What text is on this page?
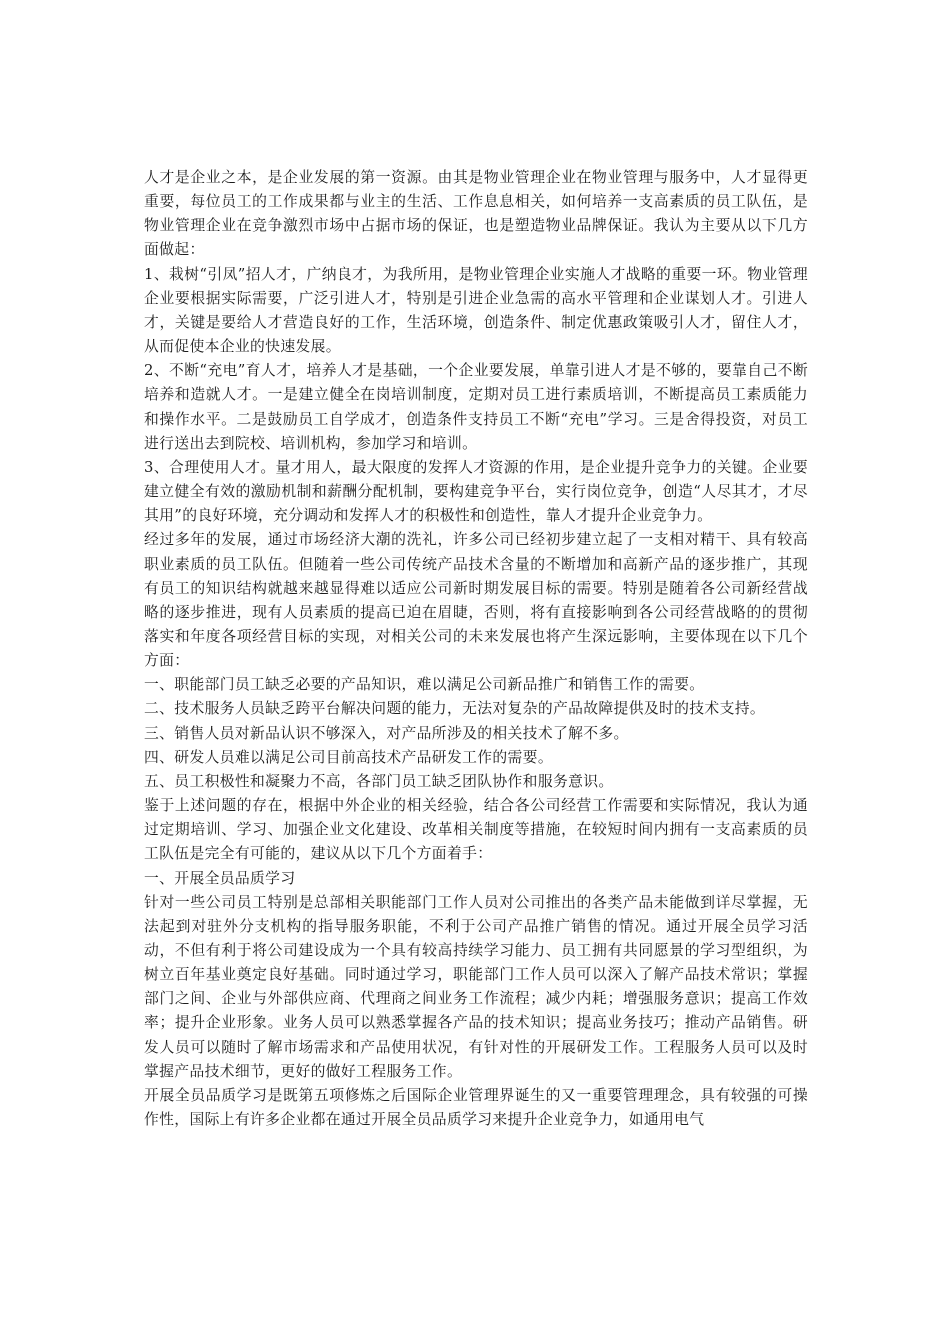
人才是企业之本，是企业发展的第一资源。由其是物业管理企业在物业管理与服务中，人才显得更重要，每位员工的工作成果都与业主的生活、工作息息相关，如何培养一支高素质的员工队伍，是物业管理企业在竞争激烈市场中占据市场的保证，也是塑造物业品牌保证。我认为主要从以下几方面做起：

1、栽树“引凤”招人才，广纳良才，为我所用，是物业管理企业实施人才战略的重要一环。物业管理企业要根据实际需要，广泛引进人才，特别是引进企业急需的高水平管理和企业谋划人才。引进人才，关键是要给人才营造良好的工作，生活环境，创造条件、制定优惠政策吸引人才，留住人才，从而促使本企业的快速发展。

2、不断“充电”育人才，培养人才是基础，一个企业要发展，单靠引进人才是不够的，要靠自己不断培养和造就人才。一是建立健全在岗培训制度，定期对员工进行素质培训，不断提高员工素质能力和操作水平。二是鼓励员工自学成才，创造条件支持员工不断“充电”学习。三是舍得投资，对员工进行送出去到院校、培训机构，参加学习和培训。

3、合理使用人才。量才用人，最大限度的发挥人才资源的作用，是企业提升竞争力的关键。企业要建立健全有效的激励机制和薪酬分配机制，要构建竞争平台，实行岗位竞争，创造“人尽其才，才尽其用”的良好环境，充分调动和发挥人才的积极性和创造性，靠人才提升企业竞争力。

经过多年的发展，通过市场经济大潮的洗礼，许多公司已经初步建立起了一支相对精干、具有较高职业素质的员工队伍。但随着一些公司传统产品技术含量的不断增加和高新产品的逐步推广，其现有员工的知识结构就越来越显得难以适应公司新时期发展目标的需要。特别是随着各公司新经营战略的逐步推进，现有人员素质的提高已迫在眉睫，否则，将有直接影响到各公司经营战略的的贯彻落实和年度各项经营目标的实现，对相关公司的未来发展也将产生深远影响，主要体现在以下几个方面：

一、职能部门员工缺乏必要的产品知识，难以满足公司新品推广和销售工作的需要。

二、技术服务人员缺乏跨平台解决问题的能力，无法对复杂的产品故障提供及时的技术支持。

三、销售人员对新品认识不够深入，对产品所涉及的相关技术了解不多。

四、研发人员难以满足公司目前高技术产品研发工作的需要。

五、员工积极性和凝聚力不高，各部门员工缺乏团队协作和服务意识。

鉴于上述问题的存在，根据中外企业的相关经验，结合各公司经营工作需要和实际情况，我认为通过定期培训、学习、加强企业文化建设、改革相关制度等措施，在较短时间内拥有一支高素质的员工队伍是完全有可能的，建议从以下几个方面着手：

一、开展全员品质学习

针对一些公司员工特别是总部相关职能部门工作人员对公司推出的各类产品未能做到详尽掌握，无法起到对驻外分支机构的指导服务职能，不利于公司产品推广销售的情况。通过开展全员学习活动，不但有利于将公司建设成为一个具有较高持续学习能力、员工拥有共同愿景的学习型组织，为树立百年基业奠定良好基础。同时通过学习，职能部门工作人员可以深入了解产品技术常识；掌握部门之间、企业与外部供应商、代理商之间业务工作流程；减少内耗；增强服务意识；提高工作效率；提升企业形象。业务人员可以熟悉掌握各产品的技术知识；提高业务技巧；推动产品销售。研发人员可以随时了解市场需求和产品使用状况，有针对性的开展研发工作。工程服务人员可以及时掌握产品技术细节，更好的做好工程服务工作。

开展全员品质学习是既第五项修炼之后国际企业管理界诞生的又一重要管理理念，具有较强的可操作性，国际上有许多企业都在通过开展全员品质学习来提升企业竞争力，如通用电气
